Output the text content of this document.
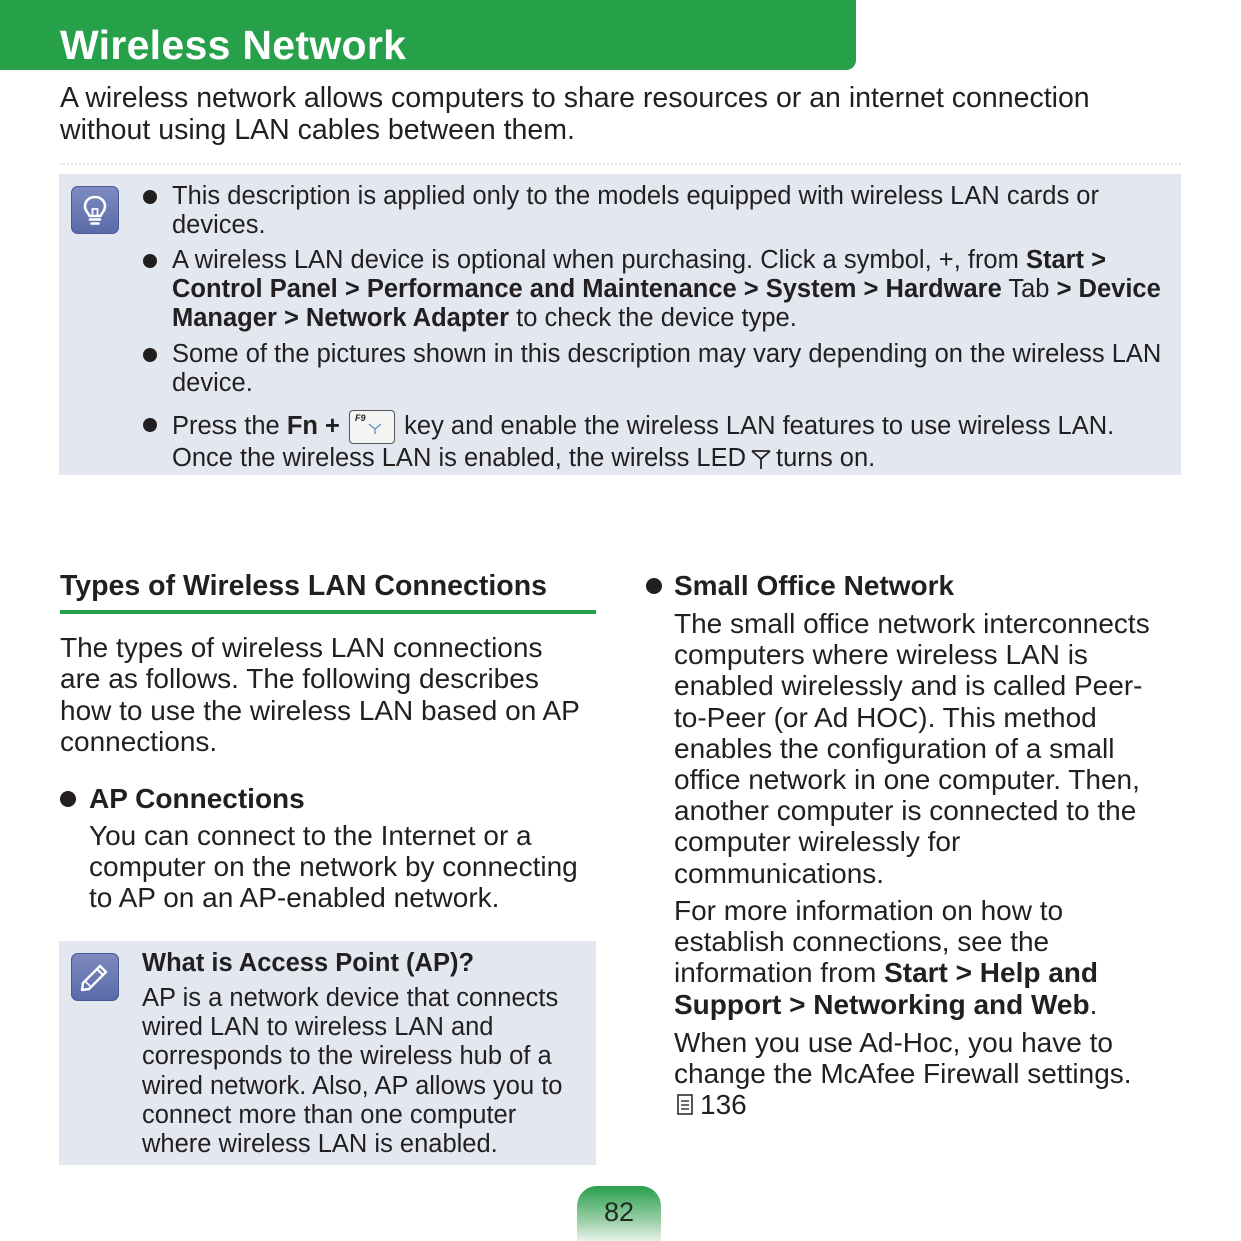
Wireless Network

A wireless network allows computers to share resources or an internet connection without using LAN cables between them.

This description is applied only to the models equipped with wireless LAN cards or devices.
A wireless LAN device is optional when purchasing. Click a symbol, +, from Start > Control Panel > Performance and Maintenance > System > Hardware Tab > Device Manager > Network Adapter to check the device type.
Some of the pictures shown in this description may vary depending on the wireless LAN device.
Press the Fn + F9 key and enable the wireless LAN features to use wireless LAN.
Once the wireless LAN is enabled, the wirelss LED turns on.
Types of Wireless LAN Connections

The types of wireless LAN connections are as follows. The following describes how to use the wireless LAN based on AP connections.

AP Connections

You can connect to the Internet or a computer on the network by connecting to AP on an AP-enabled network.

What is Access Point (AP)?

AP is a network device that connects wired LAN to wireless LAN and corresponds to the wireless hub of a wired network. Also, AP allows you to connect more than one computer where wireless LAN is enabled.

Small Office Network

The small office network interconnects computers where wireless LAN is enabled wirelessly and is called Peer-to-Peer (or Ad HOC). This method enables the configuration of a small office network in one computer. Then, another computer is connected to the computer wirelessly for communications.

For more information on how to establish connections, see the information from Start > Help and Support > Networking and Web.

When you use Ad-Hoc, you have to change the McAfee Firewall settings.
136

82
